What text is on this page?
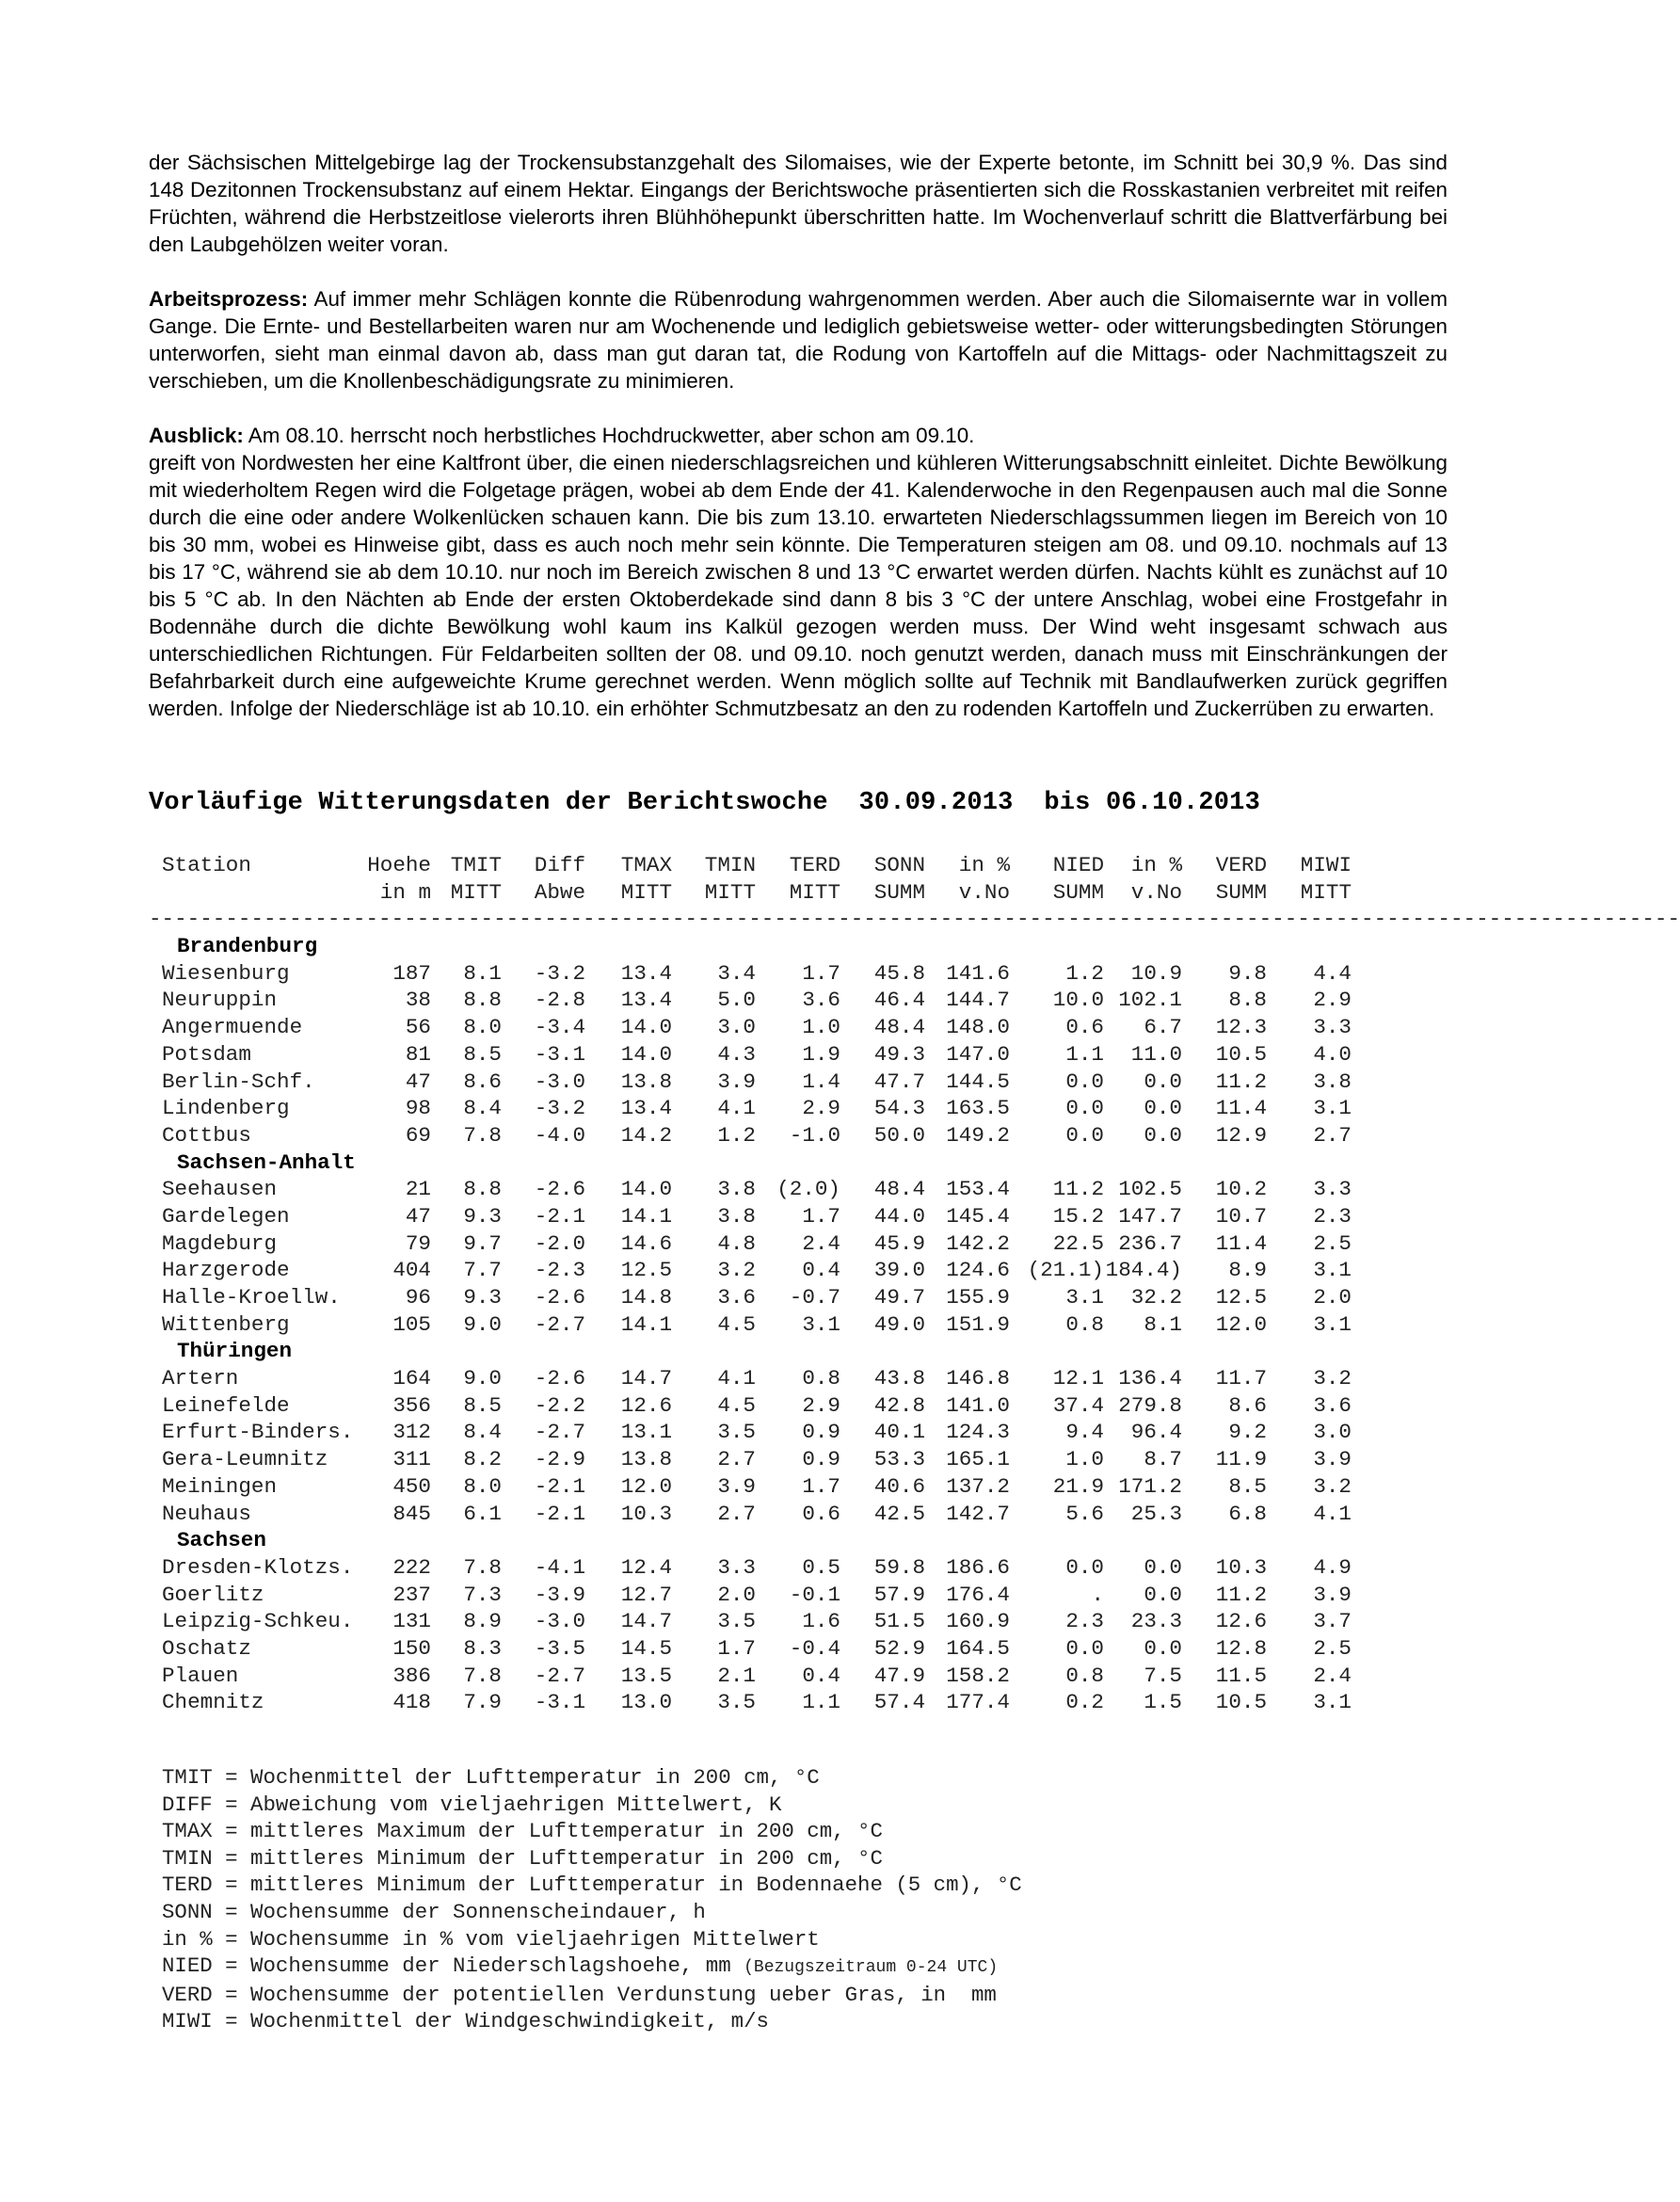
der Sächsischen Mittelgebirge lag der Trockensubstanzgehalt des Silomaises, wie der Experte betonte, im Schnitt bei 30,9 %. Das sind 148 Dezitonnen Trockensubstanz auf einem Hektar. Eingangs der Berichtswoche präsentierten sich die Rosskastanien verbreitet mit reifen Früchten, während die Herbstzeitlose vielerorts ihren Blühhöhepunkt überschritten hatte. Im Wochenverlauf schritt die Blattverfärbung bei den Laubgehölzen weiter voran.

Arbeitsprozess: Auf immer mehr Schlägen konnte die Rübenrodung wahrgenommen werden. Aber auch die Silomaisernte war in vollem Gange. Die Ernte- und Bestellarbeiten waren nur am Wochenende und lediglich gebietsweise wetter- oder witterungsbedingten Störungen unterworfen, sieht man einmal davon ab, dass man gut daran tat, die Rodung von Kartoffeln auf die Mittags- oder Nachmittagszeit zu verschieben, um die Knollenbeschädigungsrate zu minimieren.

Ausblick: Am 08.10. herrscht noch herbstliches Hochdruckwetter, aber schon am 09.10.
greift von Nordwesten her eine Kaltfront über, die einen niederschlagsreichen und kühleren Witterungsabschnitt einleitet. Dichte Bewölkung mit wiederholtem Regen wird die Folgetage prägen, wobei ab dem Ende der 41. Kalenderwoche in den Regenpausen auch mal die Sonne durch die eine oder andere Wolkenlücken schauen kann. Die bis zum 13.10. erwarteten Niederschlagssummen liegen im Bereich von 10 bis 30 mm, wobei es Hinweise gibt, dass es auch noch mehr sein könnte. Die Temperaturen steigen am 08. und 09.10. nochmals auf 13 bis 17 °C, während sie ab dem 10.10. nur noch im Bereich zwischen 8 und 13 °C erwartet werden dürfen. Nachts kühlt es zunächst auf 10 bis 5 °C ab. In den Nächten ab Ende der ersten Oktoberdekade sind dann 8 bis 3 °C der untere Anschlag, wobei eine Frostgefahr in Bodennähe durch die dichte Bewölkung wohl kaum ins Kalkül gezogen werden muss. Der Wind weht insgesamt schwach aus unterschiedlichen Richtungen. Für Feldarbeiten sollten der 08. und 09.10. noch genutzt werden, danach muss mit Einschränkungen der Befahrbarkeit durch eine aufgeweichte Krume gerechnet werden. Wenn möglich sollte auf Technik mit Bandlaufwerken zurück gegriffen werden. Infolge der Niederschläge ist ab 10.10. ein erhöhter Schmutzbesatz an den zu rodenden Kartoffeln und Zuckerrüben zu erwarten.

Vorläufige Witterungsdaten der Berichtswoche  30.09.2013  bis 06.10.2013
Station	Hoehe TMIT Diff TMAX TMIN TERD SONN in % NIED in % VERD MIWI
in m MITT Abwe MITT MITT MITT SUMM v.No SUMM v.No SUMM MITT
------------------------------------------------------------------------------------------------------------------------
Brandenburg
Wiesenburg	187 8.1 -3.2 13.4 3.4 1.7 45.8 141.6	1.2 10.9 9.8 4.4
Neuruppin	38 8.8 -2.8 13.4 5.0 3.6 46.4 144.7 10.0 102.1 8.8 2.9
Angermuende	56 8.0 -3.4 14.0 3.0 1.0 48.4 148.0	0.6 6.7 12.3 3.3
Potsdam	81 8.5 -3.1 14.0 4.3 1.9 49.3 147.0	1.1 11.0 10.5 4.0
Berlin-Schf.	47 8.6 -3.0 13.8 3.9 1.4 47.7 144.5	0.0 0.0 11.2 3.8
Lindenberg	98 8.4 -3.2 13.4 4.1 2.9 54.3 163.5	0.0 0.0 11.4 3.1
Cottbus	69 7.8 -4.0 14.2 1.2 -1.0 50.0 149.2	0.0 0.0 12.9 2.7
Sachsen-Anhalt
Seehausen	21 8.8 -2.6 14.0 3.8 (2.0) 48.4 153.4 11.2 102.5 10.2 3.3
Gardelegen	47 9.3 -2.1 14.1 3.8 1.7 44.0 145.4 15.2 147.7 10.7 2.3
Magdeburg	79 9.7 -2.0 14.6 4.8 2.4 45.9 142.2 22.5 236.7 11.4 2.5
Harzgerode	404 7.7 -2.3 12.5 3.2 0.4 39.0 124.6 (21.1) 184.4) 8.9 3.1
Halle-Kroellw.	96 9.3 -2.6 14.8 3.6 -0.7 49.7 155.9	3.1 32.2 12.5 2.0
Wittenberg	105 9.0 -2.7 14.1 4.5 3.1 49.0 151.9	0.8 8.1 12.0 3.1
Thüringen
Artern	164 9.0 -2.6 14.7 4.1 0.8 43.8 146.8 12.1 136.4 11.7 3.2
Leinefelde	356 8.5 -2.2 12.6 4.5 2.9 42.8 141.0 37.4 279.8 8.6 3.6
Erfurt-Binders. 312 8.4 -2.7 13.1 3.5 0.9 40.1 124.3	9.4 96.4 9.2 3.0
Gera-Leumnitz	311 8.2 -2.9 13.8 2.7 0.9 53.3 165.1	1.0 8.7 11.9 3.9
Meiningen	450 8.0 -2.1 12.0 3.9 1.7 40.6 137.2 21.9 171.2 8.5 3.2
Neuhaus	845 6.1 -2.1 10.3 2.7 0.6 42.5 142.7	5.6 25.3 6.8 4.1
Sachsen
Dresden-Klotzs. 222 7.8 -4.1 12.4 3.3 0.5 59.8 186.6	0.0 0.0 10.3 4.9
Goerlitz	237 7.3 -3.9 12.7 2.0 -0.1 57.9 176.4	. 0.0 11.2 3.9
Leipzig-Schkeu. 131 8.9 -3.0 14.7 3.5 1.6 51.5 160.9	2.3 23.3 12.6 3.7
Oschatz	150 8.3 -3.5 14.5 1.7 -0.4 52.9 164.5	0.0 0.0 12.8 2.5
Plauen	386 7.8 -2.7 13.5 2.1 0.4 47.9 158.2	0.8 7.5 11.5 2.4
Chemnitz	418 7.9 -3.1 13.0 3.5 1.1 57.4 177.4	0.2 1.5 10.5 3.1
TMIT = Wochenmittel der Lufttemperatur in 200 cm, °C
DIFF = Abweichung vom vieljaehrigen Mittelwert, K
TMAX = mittleres Maximum der Lufttemperatur in 200 cm, °C
TMIN = mittleres Minimum der Lufttemperatur in 200 cm, °C
TERD = mittleres Minimum der Lufttemperatur in Bodennaehe (5 cm), °C
SONN = Wochensumme der Sonnenscheindauer, h
in % = Wochensumme in % vom vieljaehrigen Mittelwert
NIED = Wochensumme der Niederschlagshoehe, mm (Bezugszeitraum 0-24 UTC)
VERD = Wochensumme der potentiellen Verdunstung ueber Gras, in  mm
MIWI = Wochenmittel der Windgeschwindigkeit, m/s
